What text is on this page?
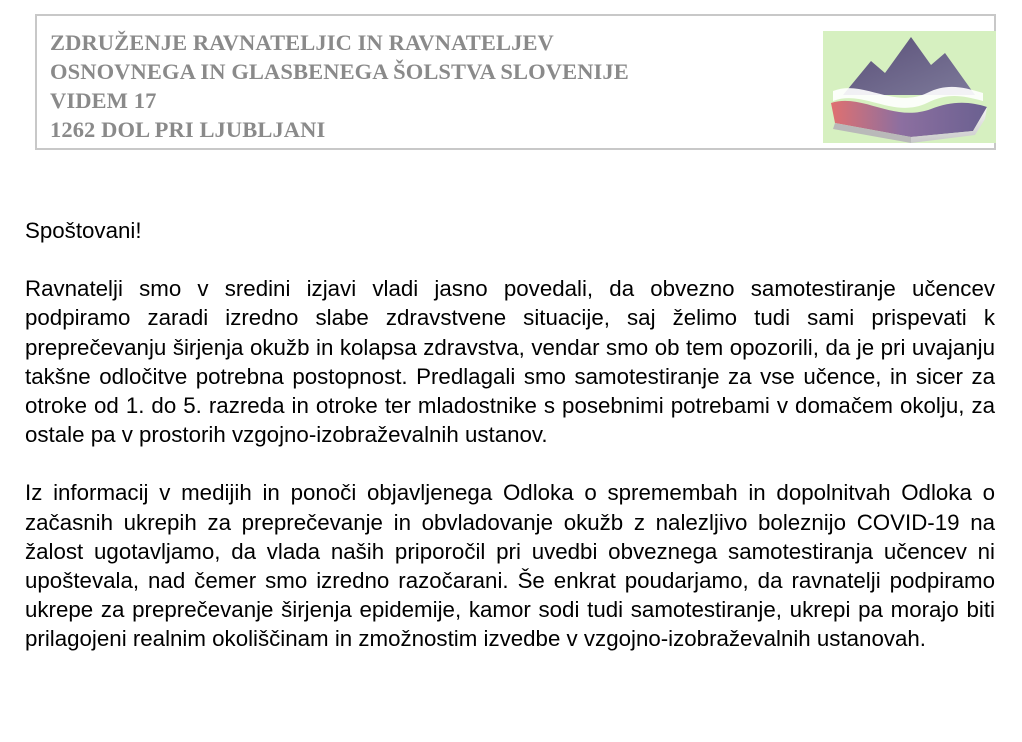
ZDRUŽENJE RAVNATELJIC IN RAVNATELJEV
OSNOVNEGA IN GLASBENEGA ŠOLSTVA SLOVENIJE
VIDEM 17
1262 DOL PRI LJUBLJANI

Spoštovani!

Ravnatelji smo v sredini izjavi vladi jasno povedali, da obvezno samotestiranje učencev podpiramo zaradi izredno slabe zdravstvene situacije, saj želimo tudi sami prispevati k preprečevanju širjenja okužb in kolapsa zdravstva, vendar smo ob tem opozorili, da je pri uvajanju takšne odločitve potrebna postopnost. Predlagali smo samotestiranje za vse učence, in sicer za otroke od 1. do 5. razreda in otroke ter mladostnike s posebnimi potrebami v domačem okolju, za ostale pa v prostorih vzgojno-izobraževalnih ustanov.

Iz informacij v medijih in ponoči objavljenega Odloka o spremembah in dopolnitvah Odloka o začasnih ukrepih za preprečevanje in obvladovanje okužb z nalezljivo boleznijo COVID-19 na žalost ugotavljamo, da vlada naših priporočil pri uvedbi obveznega samotestiranja učencev ni upoštevala, nad čemer smo izredno razočarani. Še enkrat poudarjamo, da ravnatelji podpiramo ukrepe za preprečevanje širjenja epidemije, kamor sodi tudi samotestiranje, ukrepi pa morajo biti prilagojeni realnim okoliščinam in zmožnostim izvedbe v vzgojno-izobraževalnih ustanovah.
